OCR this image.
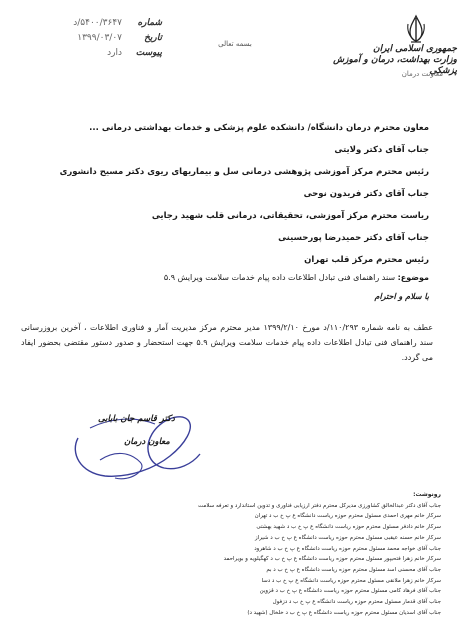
شماره
۵۴۰۰/۳۶۴۷/د
تاریخ
۱۳۹۹/۰۳/۰۷
پیوست
دارد
بسمه تعالی	جمهوری اسلامی ایران
وزارت بهداشت، درمان و آموزش پزشکی
معاونت درمان
معاون محترم درمان دانشگاه/ دانشکده علوم پزشکی و خدمات بهداشتی درمانی ...
جناب آقای دکتر ولایتی
رئیس محترم مرکز آموزشی پژوهشی درمانی سل و بیماریهای ریوی دکتر مسیح دانشوری
جناب آقای دکتر فریدون نوحی
ریاست محترم مرکز آموزشی، تحقیقاتی، درمانی قلب شهید رجایی
جناب آقای دکتر حمیدرضا پورحسینی
رئیس محترم مرکز قلب تهران
موضوع: سند راهنمای فنی تبادل اطلاعات داده پیام خدمات سلامت ویرایش ۵.۹
با سلام و احترام
عطف به نامه شماره ۱۱۰/۲۹۳/د مورخ ۱۳۹۹/۲/۱۰ مدیر محترم مرکز مدیریت آمار و فناوری اطلاعات ، آخرین بروزرسانی سند راهنمای فنی تبادل اطلاعات داده پیام خدمات سلامت ویرایش ۵.۹ جهت استحضار و صدور دستور مقتضی بحضور ایفاد می گردد.
دکتر قاسم جان بابایی
معاون درمان
رونوشت:
جناب آقای دکتر عبدالخالق کشاورزی مدیرکل محترم دفتر ارزیابی فناوری و تدوین استاندارد و تعرفه سلامت
سرکار خانم مهری احمدی مسئول محترم حوزه ریاست دانشگاه ع پ خ ب د تهران
سرکار خانم دادفر مسئول محترم حوزه ریاست دانشگاه ع پ خ ب د شهید بهشتی
سرکار خانم حسنه عیقبی مسئول محترم حوزه ریاست دانشگاه ع پ خ ب د شیراز
جناب آقای خواجه محمد مسئول محترم حوزه ریاست دانشگاه ع پ خ ب د شاهرود
سرکار خانم زهرا فتحیپور مسئول محترم حوزه ریاست دانشگاه ع پ خ ب د کهگیلویه و بویراحمد
جناب آقای محسنی اسد مسئول محترم حوزه ریاست دانشگاه ع پ خ ب د بم
سرکار خانم زهرا ملانقی مسئول محترم حوزه ریاست دانشگاه ع پ خ ب د دسا
جناب آقای فرهاد کامی مسئول محترم حوزه ریاست دانشگاه ع پ خ ب د قزوین
جناب آقای قدمار مسئول محترم حوزه ریاست دانشگاه ع پ خ ب د دزفول
جناب آقای اسدیان مسئول محترم حوزه ریاست دانشگاه ع پ خ ب د خلخال (شهید د)
